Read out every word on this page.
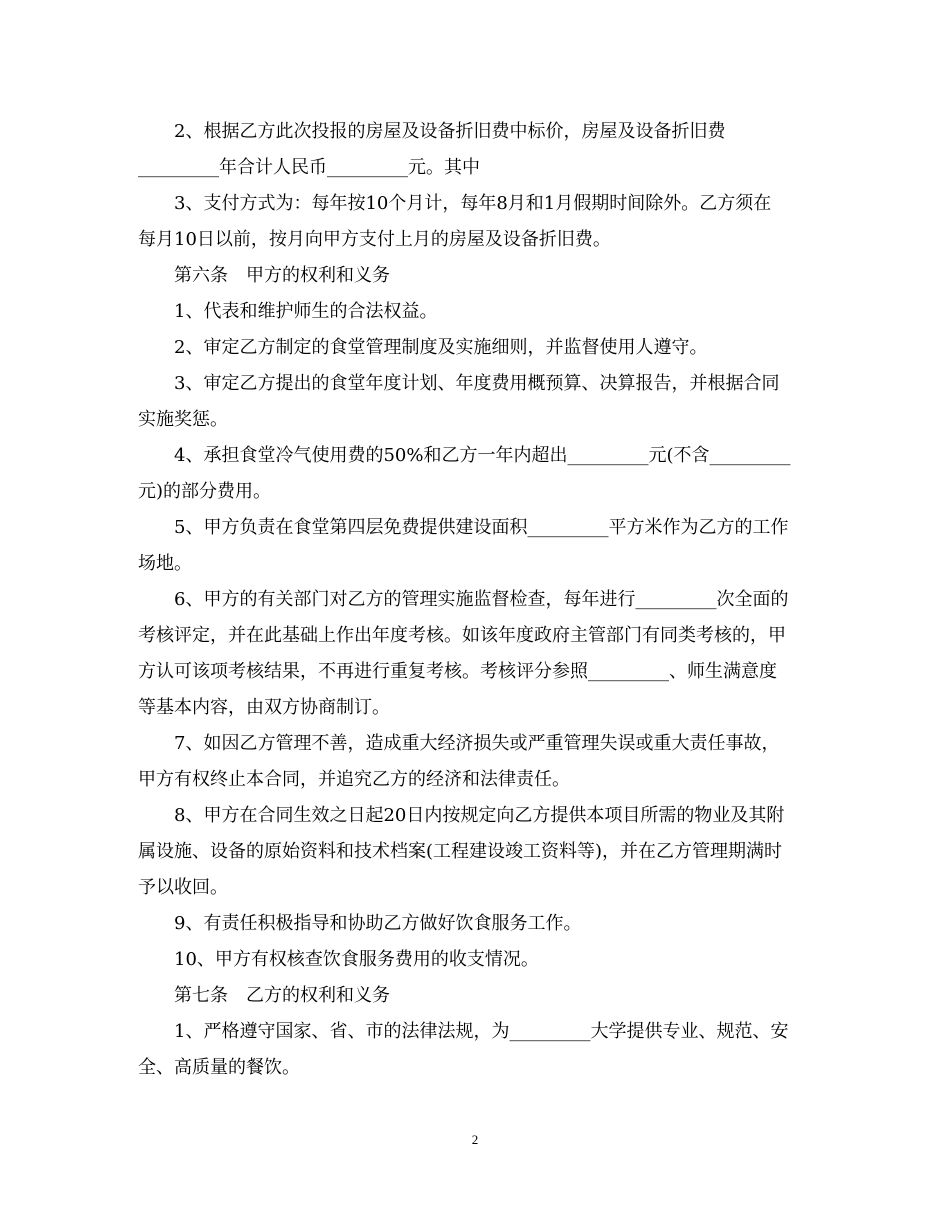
2、根据乙方此次投报的房屋及设备折旧费中标价，房屋及设备折旧费
_________年合计人民币_________元。其中

3、支付方式为：每年按10个月计，每年8月和1月假期时间除外。乙方须在
每月10日以前，按月向甲方支付上月的房屋及设备折旧费。

第六条　甲方的权利和义务

1、代表和维护师生的合法权益。

2、审定乙方制定的食堂管理制度及实施细则，并监督使用人遵守。

3、审定乙方提出的食堂年度计划、年度费用概预算、决算报告，并根据合同
实施奖惩。

4、承担食堂冷气使用费的50%和乙方一年内超出_________元(不含_________
元)的部分费用。

5、甲方负责在食堂第四层免费提供建设面积_________平方米作为乙方的工作
场地。

6、甲方的有关部门对乙方的管理实施监督检查，每年进行_________次全面的
考核评定，并在此基础上作出年度考核。如该年度政府主管部门有同类考核的，甲
方认可该项考核结果，不再进行重复考核。考核评分参照_________、师生满意度
等基本内容，由双方协商制订。

7、如因乙方管理不善，造成重大经济损失或严重管理失误或重大责任事故，
甲方有权终止本合同，并追究乙方的经济和法律责任。

8、甲方在合同生效之日起20日内按规定向乙方提供本项目所需的物业及其附
属设施、设备的原始资料和技术档案(工程建设竣工资料等)，并在乙方管理期满时
予以收回。

9、有责任积极指导和协助乙方做好饮食服务工作。

10、甲方有权核查饮食服务费用的收支情况。

第七条　乙方的权利和义务

1、严格遵守国家、省、市的法律法规，为_________大学提供专业、规范、安
全、高质量的餐饮。

2
